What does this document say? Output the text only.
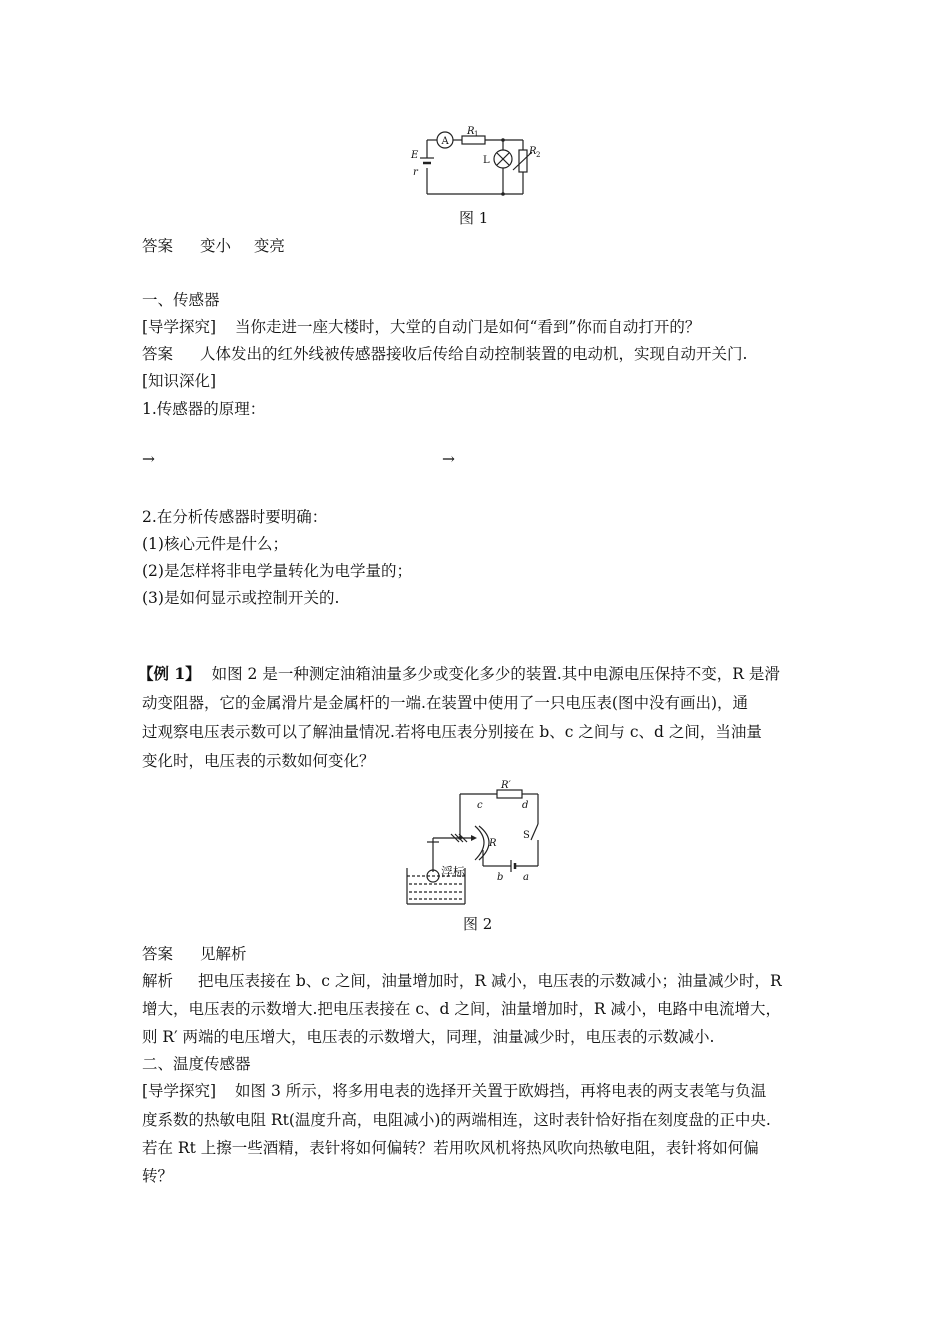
A
R 1
R 2
L
E
r
图 1
答案 变小 变亮
一、传感器
[导学探究] 当你走进一座大楼时，大堂的自动门是如何“看到”你而自动打开的？
答案 人体发出的红外线被传感器接收后传给自动控制装置的电动机，实现自动开关门.
[知识深化]
1.传感器的原理：
→	→
2.在分析传感器时要明确：
(1)核心元件是什么；
(2)是怎样将非电学量转化为电学量的；
(3)是如何显示或控制开关的.
【例 1】 如图 2 是一种测定油箱油量多少或变化多少的装置.其中电源电压保持不变，R 是滑
动变阻器，它的金属滑片是金属杆的一端.在装置中使用了一只电压表(图中没有画出)，通
过观察电压表示数可以了解油量情况.若将电压表分别接在 b、c 之间与 c、d 之间，当油量
变化时，电压表的示数如何变化？
R′
c	d
S
R
b a
浮标
图 2
答案 见解析
解析 把电压表接在 b、c 之间，油量增加时，R 减小，电压表的示数减小；油量减少时，R
增大，电压表的示数增大.把电压表接在 c、d 之间，油量增加时，R 减小，电路中电流增大，
则 R′ 两端的电压增大，电压表的示数增大，同理，油量减少时，电压表的示数减小.
二、温度传感器
[导学探究] 如图 3 所示，将多用电表的选择开关置于欧姆挡，再将电表的两支表笔与负温
度系数的热敏电阻 Rt(温度升高，电阻减小)的两端相连，这时表针恰好指在刻度盘的正中央.
若在 Rt 上擦一些酒精，表针将如何偏转？若用吹风机将热风吹向热敏电阻，表针将如何偏
转？
